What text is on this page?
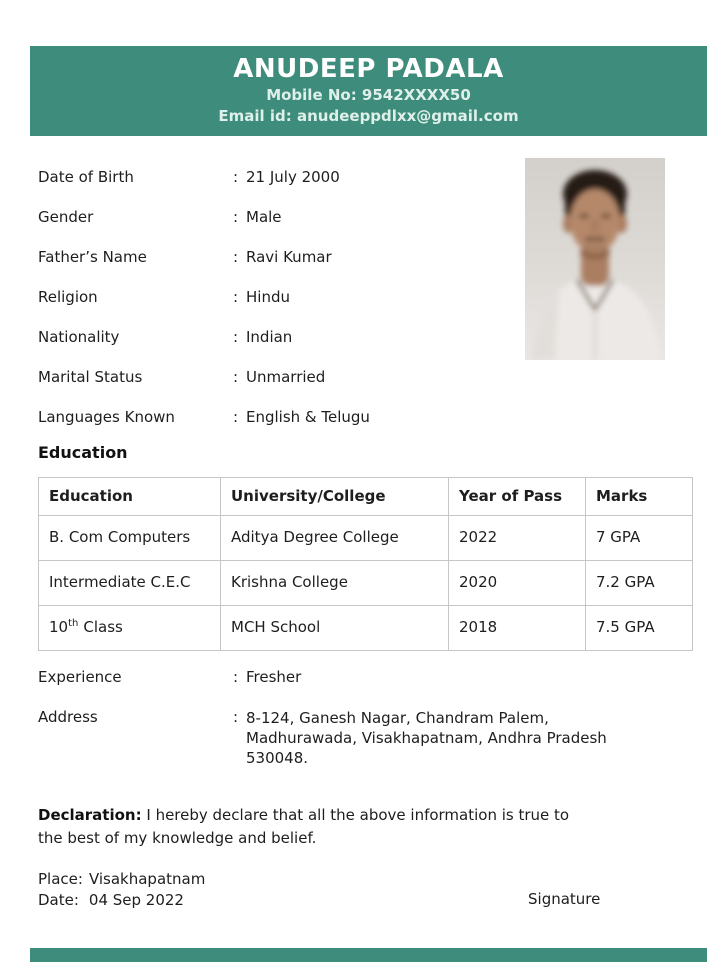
ANUDEEP PADALA
Mobile No: 9542XXXX50
Email id: anudeeppdlxx@gmail.com
Date of Birth	: 21 July 2000
Gender	: Male
Father’s Name	: Ravi Kumar
Religion	: Hindu
Nationality	: Indian
Marital Status	: Unmarried
Languages Known	: English & Telugu
Education
Education	University/College	Year of Pass	Marks
B. Com Computers	Aditya Degree College	2022	7 GPA
Intermediate C.E.C	Krishna College	2020	7.2 GPA
10th Class	MCH School	2018	7.5 GPA
Experience	: Fresher
Address	: 8-124, Ganesh Nagar, Chandram Palem,
Madhurawada, Visakhapatnam, Andhra Pradesh
530048.

Declaration: I hereby declare that all the above information is true to
the best of my knowledge and belief.

Place: Visakhapatnam
Date: 04 Sep 2022	Signature
